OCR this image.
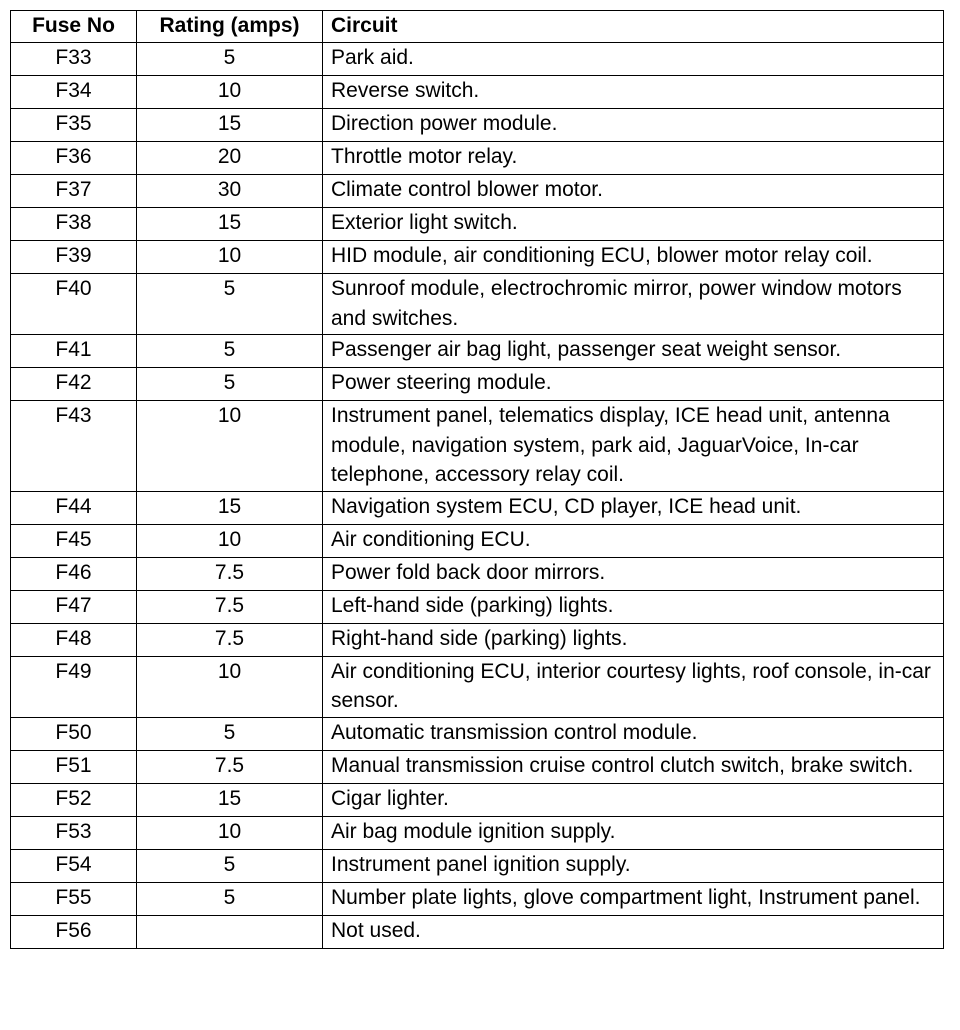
Fuse No	Rating (amps)	Circuit
F33	5	Park aid.
F34	10	Reverse switch.
F35	15	Direction power module.
F36	20	Throttle motor relay.
F37	30	Climate control blower motor.
F38	15	Exterior light switch.
F39	10	HID module, air conditioning ECU, blower motor relay coil.
F40	5	Sunroof module, electrochromic mirror, power window motors and switches.
F41	5	Passenger air bag light, passenger seat weight sensor.
F42	5	Power steering module.
F43	10	Instrument panel, telematics display, ICE head unit, antenna module, navigation system, park aid, JaguarVoice, In-car telephone, accessory relay coil.
F44	15	Navigation system ECU, CD player, ICE head unit.
F45	10	Air conditioning ECU.
F46	7.5	Power fold back door mirrors.
F47	7.5	Left-hand side (parking) lights.
F48	7.5	Right-hand side (parking) lights.
F49	10	Air conditioning ECU, interior courtesy lights, roof console, in-car sensor.
F50	5	Automatic transmission control module.
F51	7.5	Manual transmission cruise control clutch switch, brake switch.
F52	15	Cigar lighter.
F53	10	Air bag module ignition supply.
F54	5	Instrument panel ignition supply.
F55	5	Number plate lights, glove compartment light, Instrument panel.
F56		Not used.
